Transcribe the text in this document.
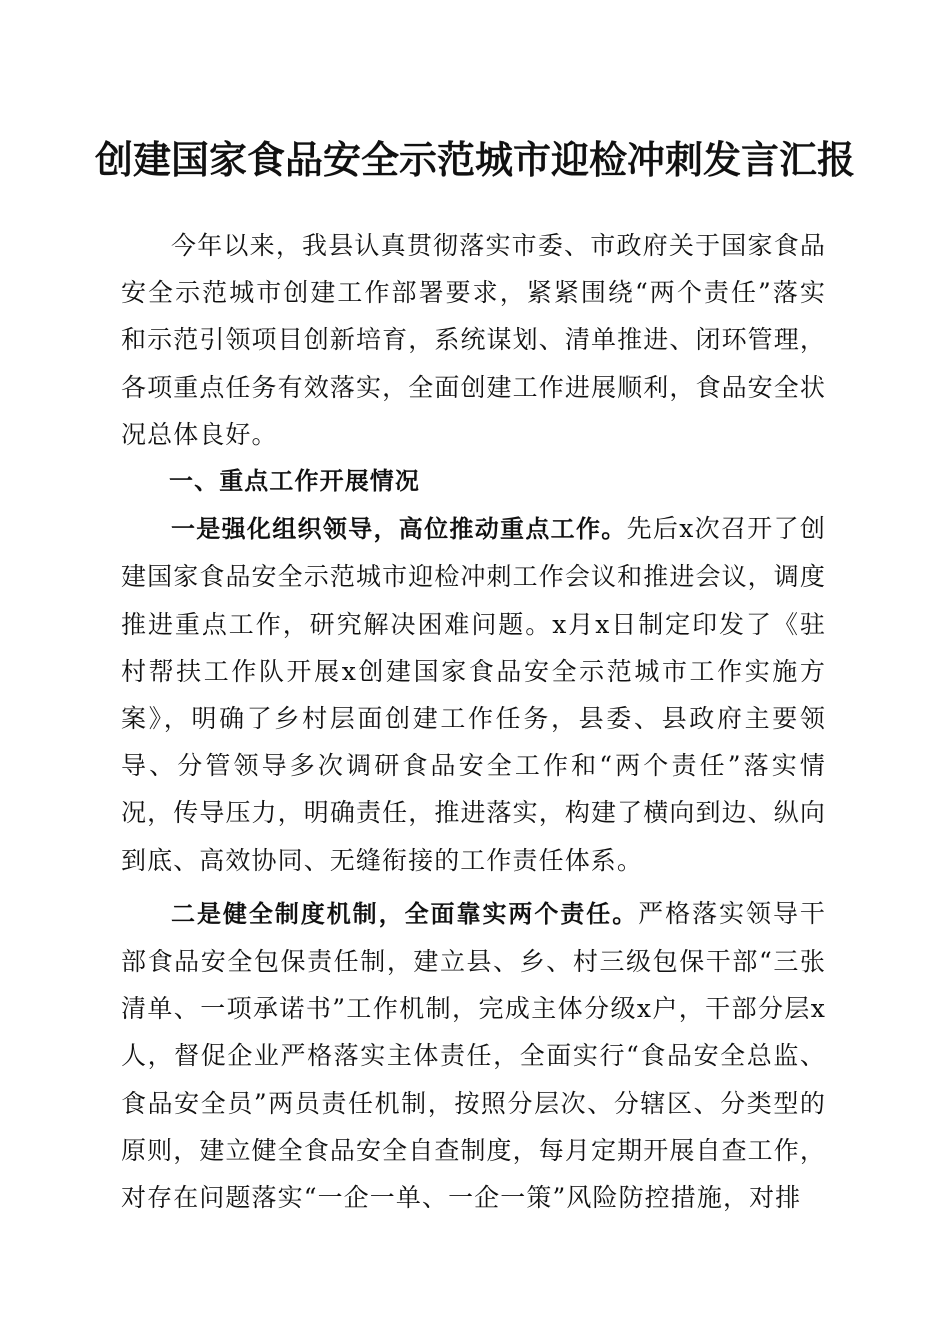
创建国家食品安全示范城市迎检冲刺发言汇报

今年以来，我县认真贯彻落实市委、市政府关于国家食品安全示范城市创建工作部署要求，紧紧围绕“两个责任”落实和示范引领项目创新培育，系统谋划、清单推进、闭环管理，各项重点任务有效落实，全面创建工作进展顺利，食品安全状况总体良好。

一、重点工作开展情况

一是强化组织领导，高位推动重点工作。先后x次召开了创建国家食品安全示范城市迎检冲刺工作会议和推进会议，调度推进重点工作，研究解决困难问题。x月x日制定印发了《驻村帮扶工作队开展x创建国家食品安全示范城市工作实施方案》，明确了乡村层面创建工作任务，县委、县政府主要领导、分管领导多次调研食品安全工作和“两个责任”落实情况，传导压力，明确责任，推进落实，构建了横向到边、纵向到底、高效协同、无缝衔接的工作责任体系。

二是健全制度机制，全面靠实两个责任。严格落实领导干部食品安全包保责任制，建立县、乡、村三级包保干部“三张清单、一项承诺书”工作机制，完成主体分级x户，干部分层x人，督促企业严格落实主体责任，全面实行“食品安全总监、食品安全员”两员责任机制，按照分层次、分辖区、分类型的原则，建立健全食品安全自查制度，每月定期开展自查工作，对存在问题落实“一企一单、一企一策”风险防控措施，对排
